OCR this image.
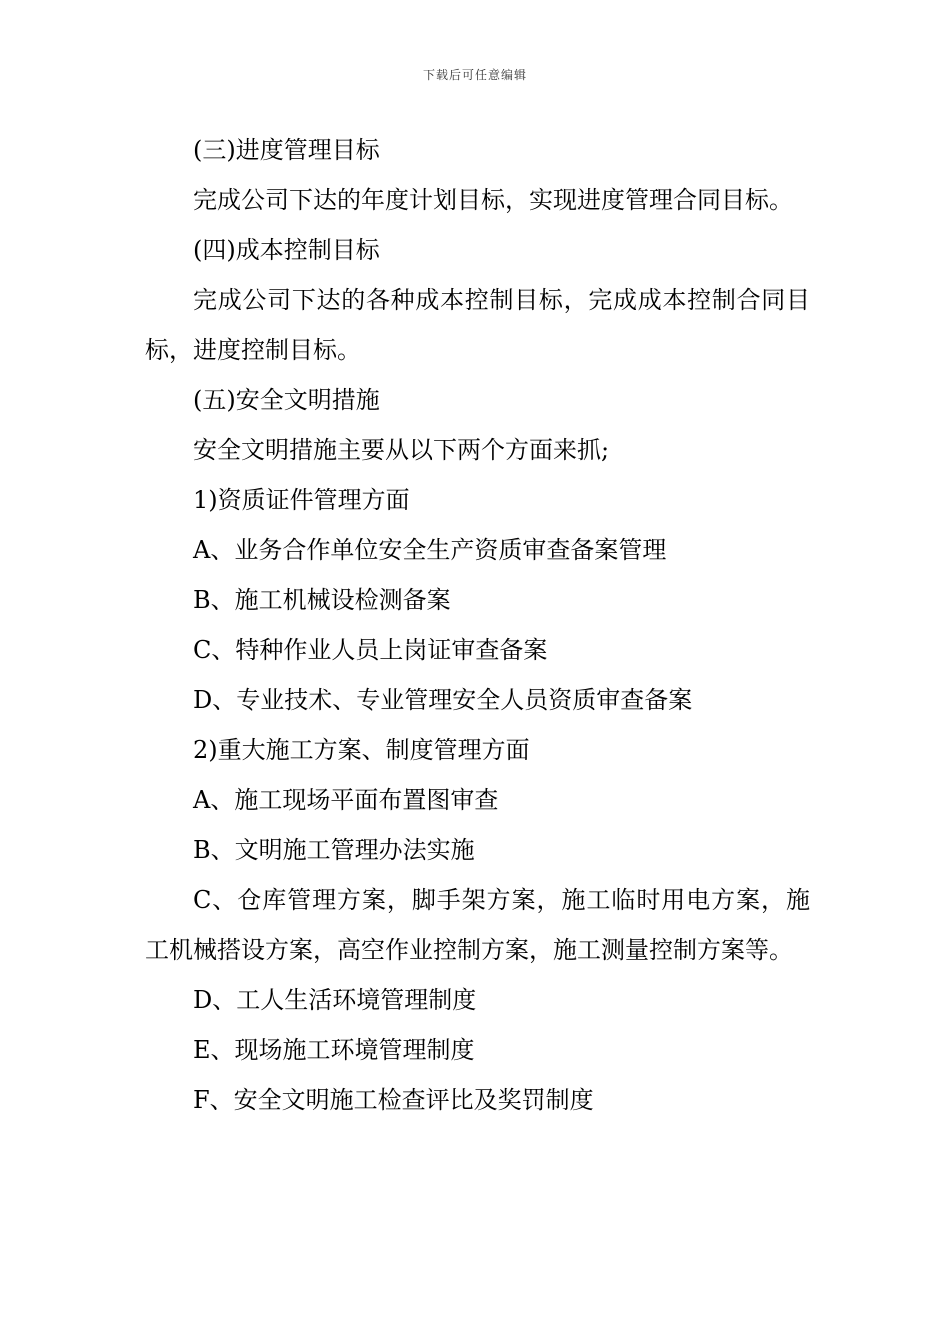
下载后可任意编辑

(三)进度管理目标

完成公司下达的年度计划目标，实现进度管理合同目标。

(四)成本控制目标

完成公司下达的各种成本控制目标，完成成本控制合同目标，进度控制目标。

(五)安全文明措施

安全文明措施主要从以下两个方面来抓;

1)资质证件管理方面

A、业务合作单位安全生产资质审查备案管理

B、施工机械设检测备案

C、特种作业人员上岗证审查备案

D、专业技术、专业管理安全人员资质审查备案

2)重大施工方案、制度管理方面

A、施工现场平面布置图审查

B、文明施工管理办法实施

C、仓库管理方案，脚手架方案，施工临时用电方案，施工机械搭设方案，高空作业控制方案，施工测量控制方案等。

D、工人生活环境管理制度

E、现场施工环境管理制度

F、安全文明施工检查评比及奖罚制度
